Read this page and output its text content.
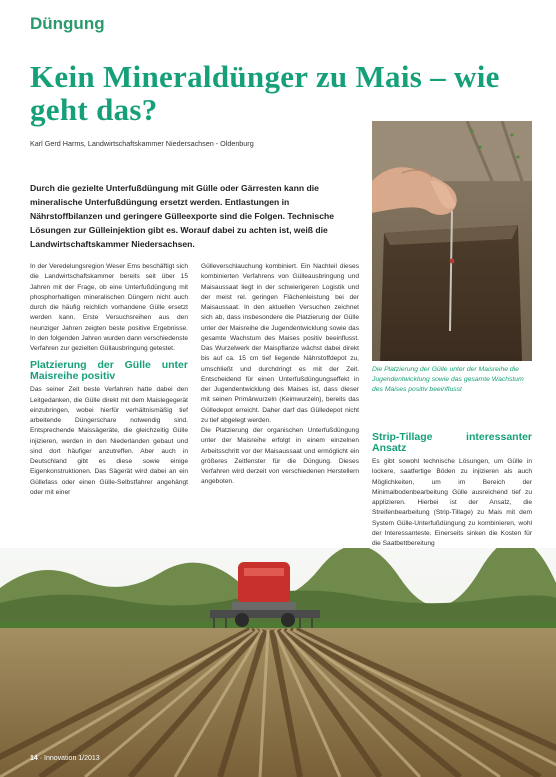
Düngung
Kein Mineraldünger zu Mais – wie geht das?
Karl Gerd Harms, Landwirtschaftskammer Niedersachsen - Oldenburg
Durch die gezielte Unterfußdüngung mit Gülle oder Gärresten kann die mineralische Unterfußdüngung ersetzt werden. Entlastungen in Nährstoffbilanzen und geringere Gülleexporte sind die Folgen. Technische Lösungen zur Gülleinjektion gibt es. Worauf dabei zu achten ist, weiß die Landwirtschaftskammer Niedersachsen.

In der Veredelungsregion Weser Ems beschäftigt sich die Landwirtschaftskammer bereits seit über 15 Jahren mit der Frage, ob eine Unterfußdüngung mit phosphorhaltigen mineralischen Düngern nicht auch durch die häufig reichlich vorhandene Gülle ersetzt werden kann. Erste Versuchsreihen aus den neunziger Jahren zeigten beste positive Ergebnisse. In den folgenden Jahren wurden dann verschiedenste Verfahren zur gezielten Güllausbringung getestet.

Platzierung der Gülle unter Maisreihe positiv

Das seiner Zeit beste Verfahren hatte dabei den Leitgedanken, die Gülle direkt mit dem Maislegegerät einzubringen, wobei hierfür verhältnismäßig tief arbeitende Düngerschare notwendig sind. Entsprechende Maissägeräte, die gleichzeitig Gülle injizieren, werden in den Niederlanden gebaut und sind dort häufiger anzutreffen. Aber auch in Deutschland gibt es diese sowie einige Eigenkonstruktionen. Das Sägerät wird dabei an ein Güllefass oder einen Gülle-Selbstfahrer angehängt oder mit einer

Gülleverschlauchung kombiniert. Ein Nachteil dieses kombinierten Verfahrens von Gülleausbringung und Maisaussaat liegt in der schwierigeren Logistik und der meist rel. geringen Flächenleistung bei der Maisaussaat. In den aktuellen Versuchen zeichnet sich ab, dass insbesondere die Platzierung der Gülle unter der Maisreihe die Jugendentwicklung sowie das gesamte Wachstum des Maises positiv beeinflusst. Das Wurzelwerk der Maispflanze wächst dabei direkt bis auf ca. 15 cm tief liegende Nährstoffdepot zu, umschließt und durchdringt es mit der Zeit. Entscheidend für einen Unterfußdüngungseffekt in der Jugendentwicklung des Maises ist, dass dieser mit seinen Primärwurzeln (Keimwurzeln), bereits das Gülledepot erreicht. Daher darf das Gülledepot nicht zu tief abgelegt werden.

Die Platzierung der organischen Unterfußdüngung unter der Maisreihe erfolgt in einem einzelnen Arbeitsschritt vor der Maisaussaat und ermöglicht ein größeres Zeitfenster für die Düngung. Dieses Verfahren wird derzeit von verschiedenen Herstellern angeboten.

Die Platzierung der Gülle unter der Maisreihe die Jugendentwicklung sowie das gesamte Wachstum des Maises positiv beeinflusst
Strip-Tillage interessanter Ansatz

Es gibt sowohl technische Lösungen, um Gülle in lockere, saatfertige Böden zu injizieren als auch Möglichkeiten, um im Bereich der Minimalbodenbearbeitung Gülle ausreichend tief zu applizieren. Hierbei ist der Ansatz, die Streifenbearbeitung (Strip-Tillage) zu Mais mit dem System Gülle-Unterfußdüngung zu kombinieren, wohl der Interessanteste. Einerseits sinken die Kosten für die Saatbettbereitung

14 · Innovation 1/2013
